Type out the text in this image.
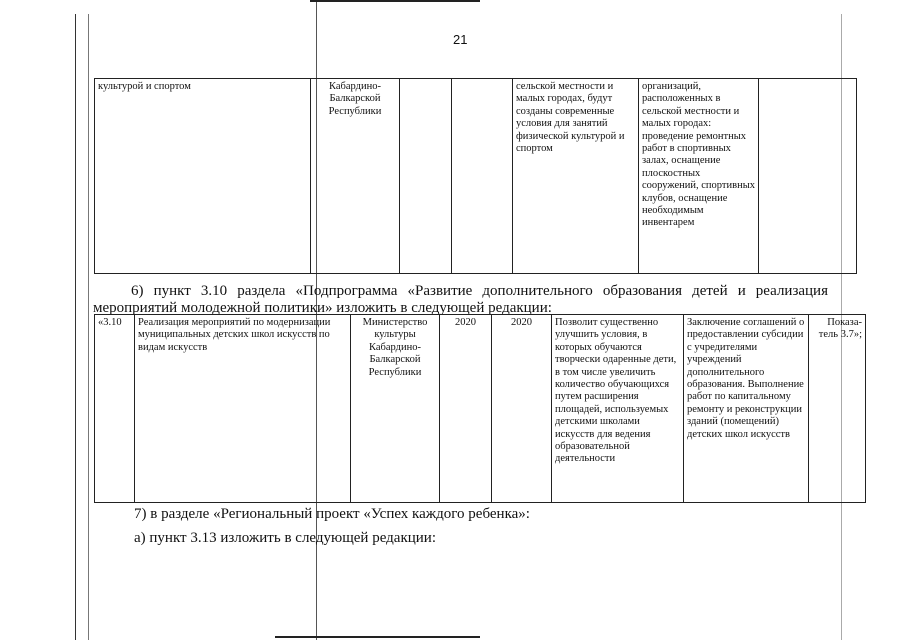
21
культурой и спортом	Кабардино-Балкарской Республики			сельской местности и малых городах, будут созданы современные условия для занятий физической культурой и спортом	организаций, расположенных в сельской местности и малых городах: проведение ремонтных работ в спортивных залах, оснащение плоскостных сооружений, спортивных клубов, оснащение необходимым инвентарем	
6) пункт 3.10 раздела «Подпрограмма «Развитие дополнительного образования детей и реализация
мероприятий молодежной политики» изложить в следующей редакции:
«3.10	Реализация мероприятий по модернизации муниципальных детских школ искусств по видам искусств	Министерство культуры Кабардино-Балкарской Республики	2020	2020	Позволит существенно улучшить условия, в которых обучаются творчески одаренные дети, в том числе увеличить количество обучающихся путем расширения площадей, используемых детскими школами искусств для ведения образовательной деятельности	Заключение соглашений о предоставлении субсидии с учредителями учреждений дополнительного образования. Выполнение работ по капитальному ремонту и реконструкции зданий (помещений) детских школ искусств	Показа-тель 3.7»;
7) в разделе «Региональный проект «Успех каждого ребенка»:
а) пункт 3.13 изложить в следующей редакции:
